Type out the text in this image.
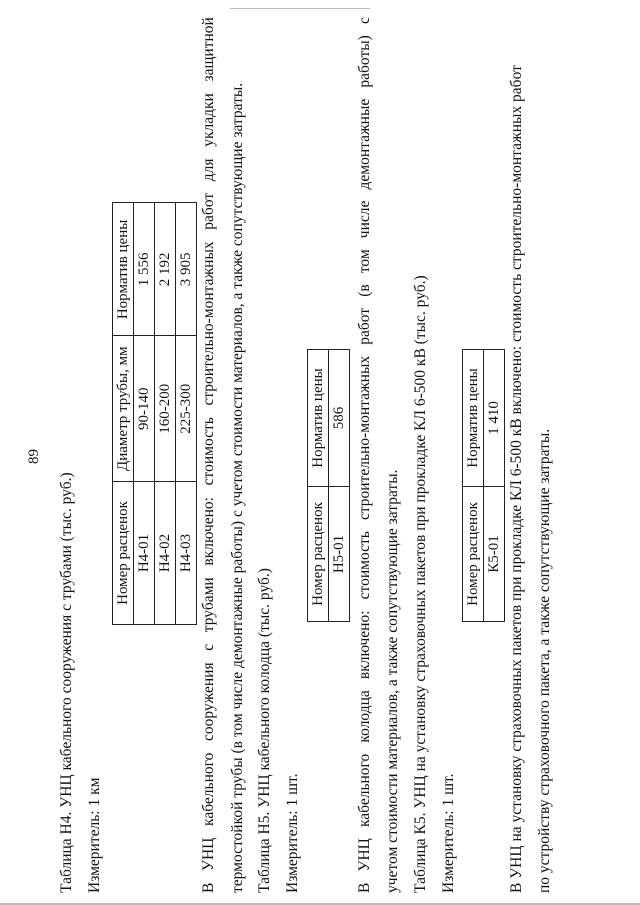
89
Таблица Н4. УНЦ кабельного сооружения с трубами (тыс. руб.) Измеритель: 1 км
Номер расценок	Диаметр трубы, мм	Норматив цены
Н4-01	90-140	1 556
Н4-02	160-200	2 192
Н4-03	225-300	3 905
В
УНЦ
кабельного
сооружения
с
трубами
включено:
стоимость
строительно-монтажных
работ
для
укладки
защитной
термостойкой трубы (в том числе демонтажные работы) с учетом стоимости материалов, а также сопутствующие затраты. Таблица Н5. УНЦ кабельного колодца (тыс. руб.) Измеритель: 1 шт.
Номер расценок	Норматив цены
Н5-01	586
В
УНЦ
кабельного
колодца
включено:
стоимость
строительно-монтажных
работ
(в
том
числе
демонтажные
работы)
с
учетом стоимости материалов, а также сопутствующие затраты. Таблица К5. УНЦ на установку страховочных пакетов при прокладке КЛ 6-500 кВ (тыс. руб.) Измеритель: 1 шт.
Номер расценок	Норматив цены
К5-01	1 410 В УНЦ на установку страховочных пакетов при прокладке КЛ 6-500 кВ включено: стоимость строительно-монтажных работ по устройству страховочного пакета, а также сопутствующие затраты.
